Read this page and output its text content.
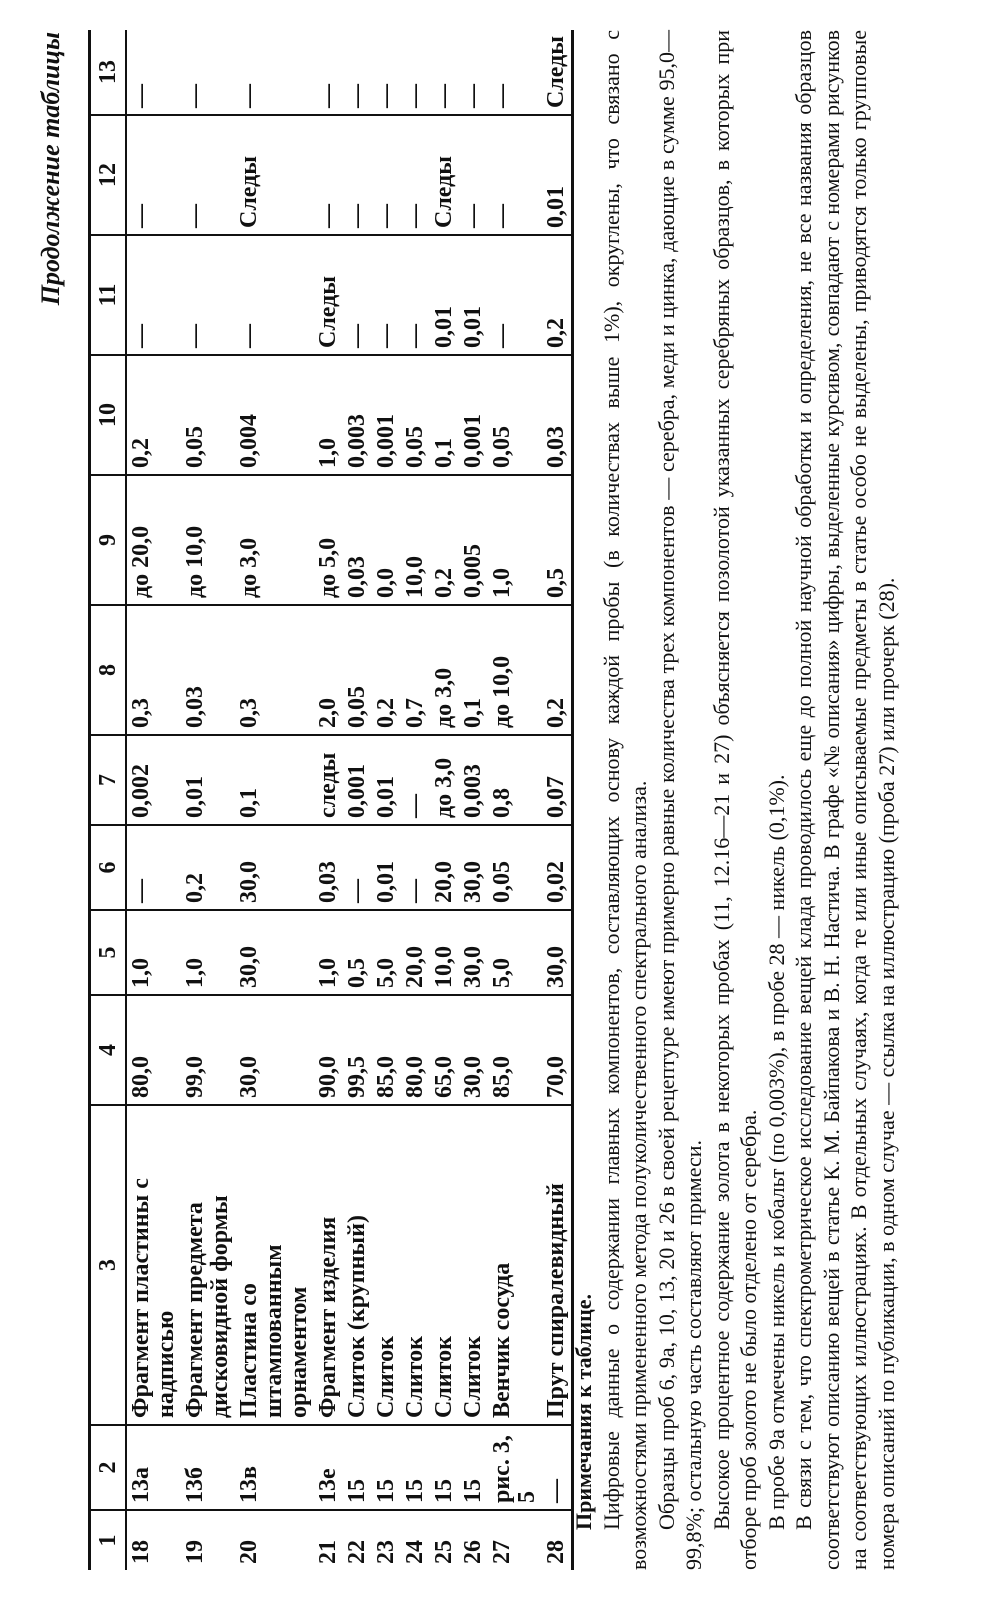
Продолжение таблицы
1	2	3	4	5	6	7	8	9	10	11	12	13
18	13а	Фрагмент пластины с надписью	80,0	1,0	—	0,002	0,3	до 20,0	0,2	—	—	—
19	13б	Фрагмент предмета дисковидной формы	99,0	1,0	0,2	0,01	0,03	до 10,0	0,05	—	—	—
20	13в	Пластина со штампованным орнаментом	30,0	30,0	30,0	0,1	0,3	до 3,0	0,004	—	Следы	—
21	13е	Фрагмент изделия	90,0	1,0	0,03	следы	2,0	до 5,0	1,0	Следы	—	—
22	15	Слиток (крупный)	99,5	0,5	—	0,001	0,05	0,03	0,003	—	—	—
23	15	Слиток	85,0	5,0	0,01	0,01	0,2	0,0	0,001	—	—	—
24	15	Слиток	80,0	20,0	—	—	0,7	10,0	0,05	—	—	—
25	15	Слиток	65,0	10,0	20,0	до 3,0	до 3,0	0,2	0,1	0,01	Следы	—
26	15	Слиток	30,0	30,0	30,0	0,003	0,1	0,005	0,001	0,01	—	—
27	рис. 3, 5	Венчик сосуда	85,0	5,0	0,05	0,8	до 10,0	1,0	0,05	—	—	—
28	—	Прут спиралевидный	70,0	30,0	0,02	0,07	0,2	0,5	0,03	0,2	0,01	Следы

Примечания к таблице. Цифровые данные о содержании главных компонентов, составляющих основу каждой пробы (в количествах выше 1%), округлены, что связано с возможностями примененного метода полуколичественного спектрального анализа. Образцы проб 6, 9а, 10, 13, 20 и 26 в своей рецептуре имеют примерно равные количества трех компонентов — серебра, меди и цинка, дающие в сумме 95,0—99,8%; остальную часть составляют примеси. Высокое процентное содержание золота в некоторых пробах (11, 12.16—21 и 27) объясняется позолотой указанных серебряных образцов, в которых при отборе проб золото не было отделено от серебра. В пробе 9а отмечены никель и кобальт (по 0,003%), в пробе 28 — никель (0,1%). В связи с тем, что спектрометрическое исследование вещей клада проводилось еще до полной научной обработки и определения, не все названия образцов соответствуют описанию вещей в статье К. М. Байпакова и В. Н. Настича. В графе «№ описания» цифры, выделенные курсивом, совпадают с номерами рисунков на соответствующих иллюстрациях. В отдельных случаях, когда те или иные описываемые предметы в статье особо не выделены, приводятся только групповые номера описаний по публикации, в одном случае — ссылка на иллюстрацию (проба 27) или прочерк (28).
